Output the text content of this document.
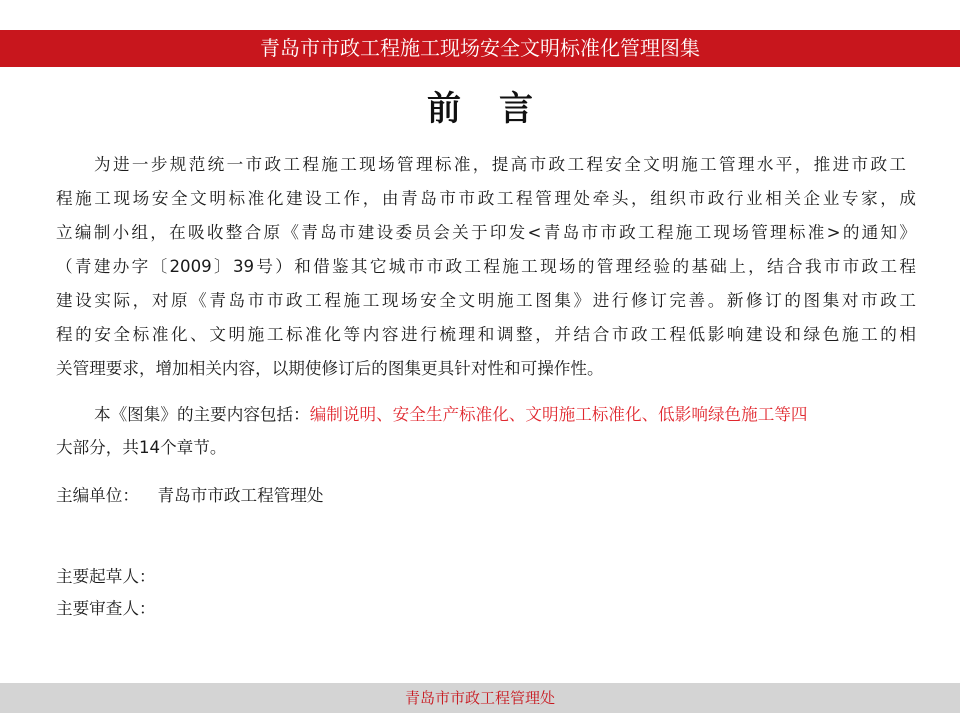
青岛市市政工程施工现场安全文明标准化管理图集
前言
为进一步规范统一市政工程施工现场管理标准，提高市政工程安全文明施工管理水平，推进市政工
程施工现场安全文明标准化建设工作，由青岛市市政工程管理处牵头，组织市政行业相关企业专家，成
立编制小组，在吸收整合原《青岛市建设委员会关于印发<青岛市市政工程施工现场管理标准>的通知》
（青建办字〔2009〕39号）和借鉴其它城市市政工程施工现场的管理经验的基础上，结合我市市政工程
建设实际，对原《青岛市市政工程施工现场安全文明施工图集》进行修订完善。新修订的图集对市政工
程的安全标准化、文明施工标准化等内容进行梳理和调整，并结合市政工程低影响建设和绿色施工的相
关管理要求，增加相关内容，以期使修订后的图集更具针对性和可操作性。
本《图集》的主要内容包括：编制说明、安全生产标准化、文明施工标准化、低影响绿色施工等四
大部分，共14个章节。
主编单位： 青岛市市政工程管理处
主要起草人：
主要审查人：
青岛市市政工程管理处
